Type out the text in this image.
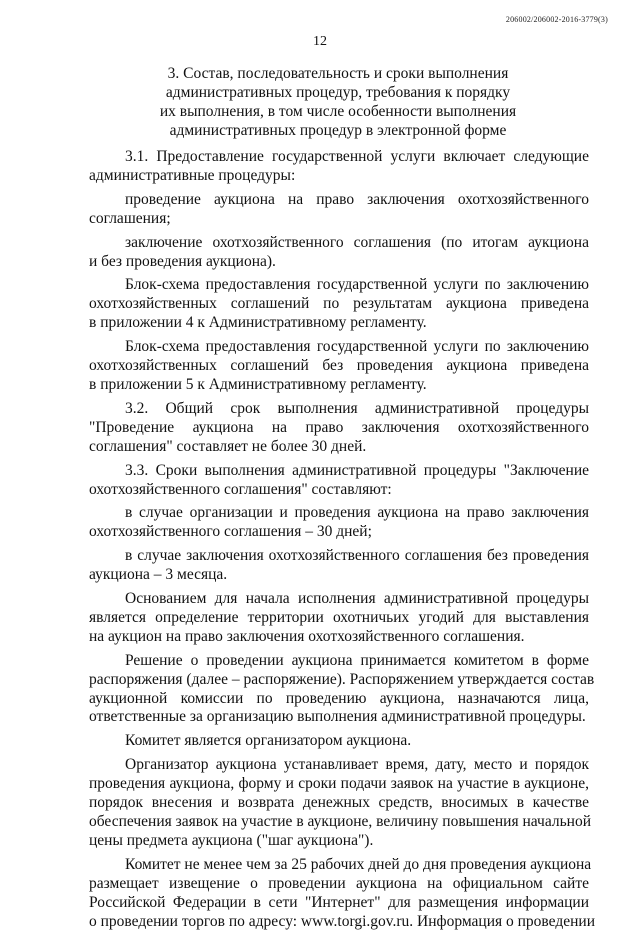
206002/206002-2016-3779(3)
12
3. Состав, последовательность и сроки выполнения
административных процедур, требования к порядку
их выполнения, в том числе особенности выполнения
административных процедур в электронной форме
3.1. Предоставление государственной услуги включает следующие
административные процедуры:
проведение аукциона на право заключения охотхозяйственного
соглашения;
заключение охотхозяйственного соглашения (по итогам аукциона
и без проведения аукциона).
Блок-схема предоставления государственной услуги по заключению
охотхозяйственных соглашений по результатам аукциона приведена
в приложении 4 к Административному регламенту.
Блок-схема предоставления государственной услуги по заключению
охотхозяйственных соглашений без проведения аукциона приведена
в приложении 5 к Административному регламенту.
3.2. Общий срок выполнения административной процедуры
"Проведение аукциона на право заключения охотхозяйственного
соглашения" составляет не более 30 дней.
3.3. Сроки выполнения административной процедуры "Заключение
охотхозяйственного соглашения" составляют:
в случае организации и проведения аукциона на право заключения
охотхозяйственного соглашения – 30 дней;
в случае заключения охотхозяйственного соглашения без проведения
аукциона – 3 месяца.
Основанием для начала исполнения административной процедуры
является определение территории охотничьих угодий для выставления
на аукцион на право заключения охотхозяйственного соглашения.
Решение о проведении аукциона принимается комитетом в форме
распоряжения (далее – распоряжение). Распоряжением утверждается состав
аукционной комиссии по проведению аукциона, назначаются лица,
ответственные за организацию выполнения административной процедуры.
Комитет является организатором аукциона.
Организатор аукциона устанавливает время, дату, место и порядок
проведения аукциона, форму и сроки подачи заявок на участие в аукционе,
порядок внесения и возврата денежных средств, вносимых в качестве
обеспечения заявок на участие в аукционе, величину повышения начальной
цены предмета аукциона ("шаг аукциона").
Комитет не менее чем за 25 рабочих дней до дня проведения аукциона
размещает извещение о проведении аукциона на официальном сайте
Российской Федерации в сети "Интернет" для размещения информации
о проведении торгов по адресу: www.torgi.gov.ru. Информация о проведении
